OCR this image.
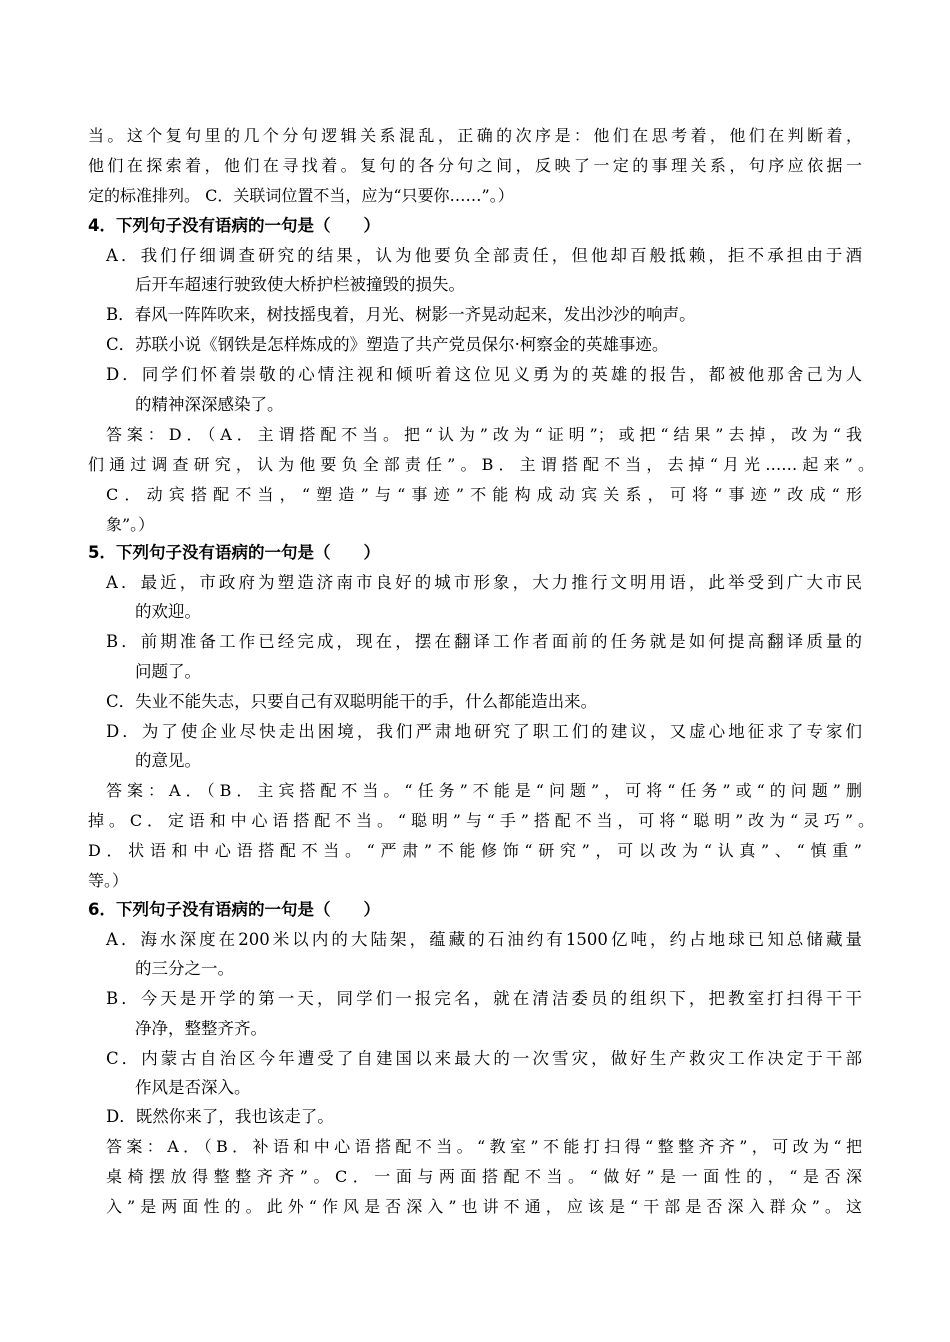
当。这个复句里的几个分句逻辑关系混乱，正确的次序是：他们在思考着，他们在判断着，
他们在探索着，他们在寻找着。复句的各分句之间，反映了一定的事理关系，句序应依据一
定的标准排列。 C．关联词位置不当，应为“只要你……”。）
4．下列句子没有语病的一句是（　　）
A．我们仔细调查研究的结果，认为他要负全部责任，但他却百般抵赖，拒不承担由于酒
后开车超速行驶致使大桥护栏被撞毁的损失。
B．春风一阵阵吹来，树技摇曳着，月光、树影一齐晃动起来，发出沙沙的响声。
C．苏联小说《钢铁是怎样炼成的》塑造了共产党员保尔·柯察金的英雄事迹。
D．同学们怀着崇敬的心情注视和倾听着这位见义勇为的英雄的报告，都被他那舍己为人
的精神深深感染了。
答案：D．（A．主谓搭配不当。把“认为”改为“证明”；或把“结果”去掉，改为“我
们通过调查研究，认为他要负全部责任”。B．主谓搭配不当，去掉“月光……起来”。
C．动宾搭配不当，“塑造”与“事迹”不能构成动宾关系，可将“事迹”改成“形
象”。）
5．下列句子没有语病的一句是（　　）
A．最近，市政府为塑造济南市良好的城市形象，大力推行文明用语，此举受到广大市民
的欢迎。
B．前期准备工作已经完成，现在，摆在翻译工作者面前的任务就是如何提高翻译质量的
问题了。
C．失业不能失志，只要自己有双聪明能干的手，什么都能造出来。
D．为了使企业尽快走出困境，我们严肃地研究了职工们的建议，又虚心地征求了专家们
的意见。
答案：A．（B．主宾搭配不当。“任务”不能是“问题”，可将“任务”或“的问题”删
掉。C．定语和中心语搭配不当。“聪明”与“手”搭配不当，可将“聪明”改为“灵巧”。
D．状语和中心语搭配不当。“严肃”不能修饰“研究”，可以改为“认真”、“慎重”
等。）
6．下列句子没有语病的一句是（　　）
A．海水深度在200米以内的大陆架，蕴藏的石油约有1500亿吨，约占地球已知总储藏量
的三分之一。
B．今天是开学的第一天，同学们一报完名，就在清洁委员的组织下，把教室打扫得干干
净净，整整齐齐。
C．内蒙古自治区今年遭受了自建国以来最大的一次雪灾，做好生产救灾工作决定于干部
作风是否深入。
D．既然你来了，我也该走了。
答案：A．（B．补语和中心语搭配不当。“教室”不能打扫得“整整齐齐”，可改为“把
桌椅摆放得整整齐齐”。C．一面与两面搭配不当。“做好”是一面性的，“是否深
入”是两面性的。此外“作风是否深入”也讲不通，应该是“干部是否深入群众”。这
